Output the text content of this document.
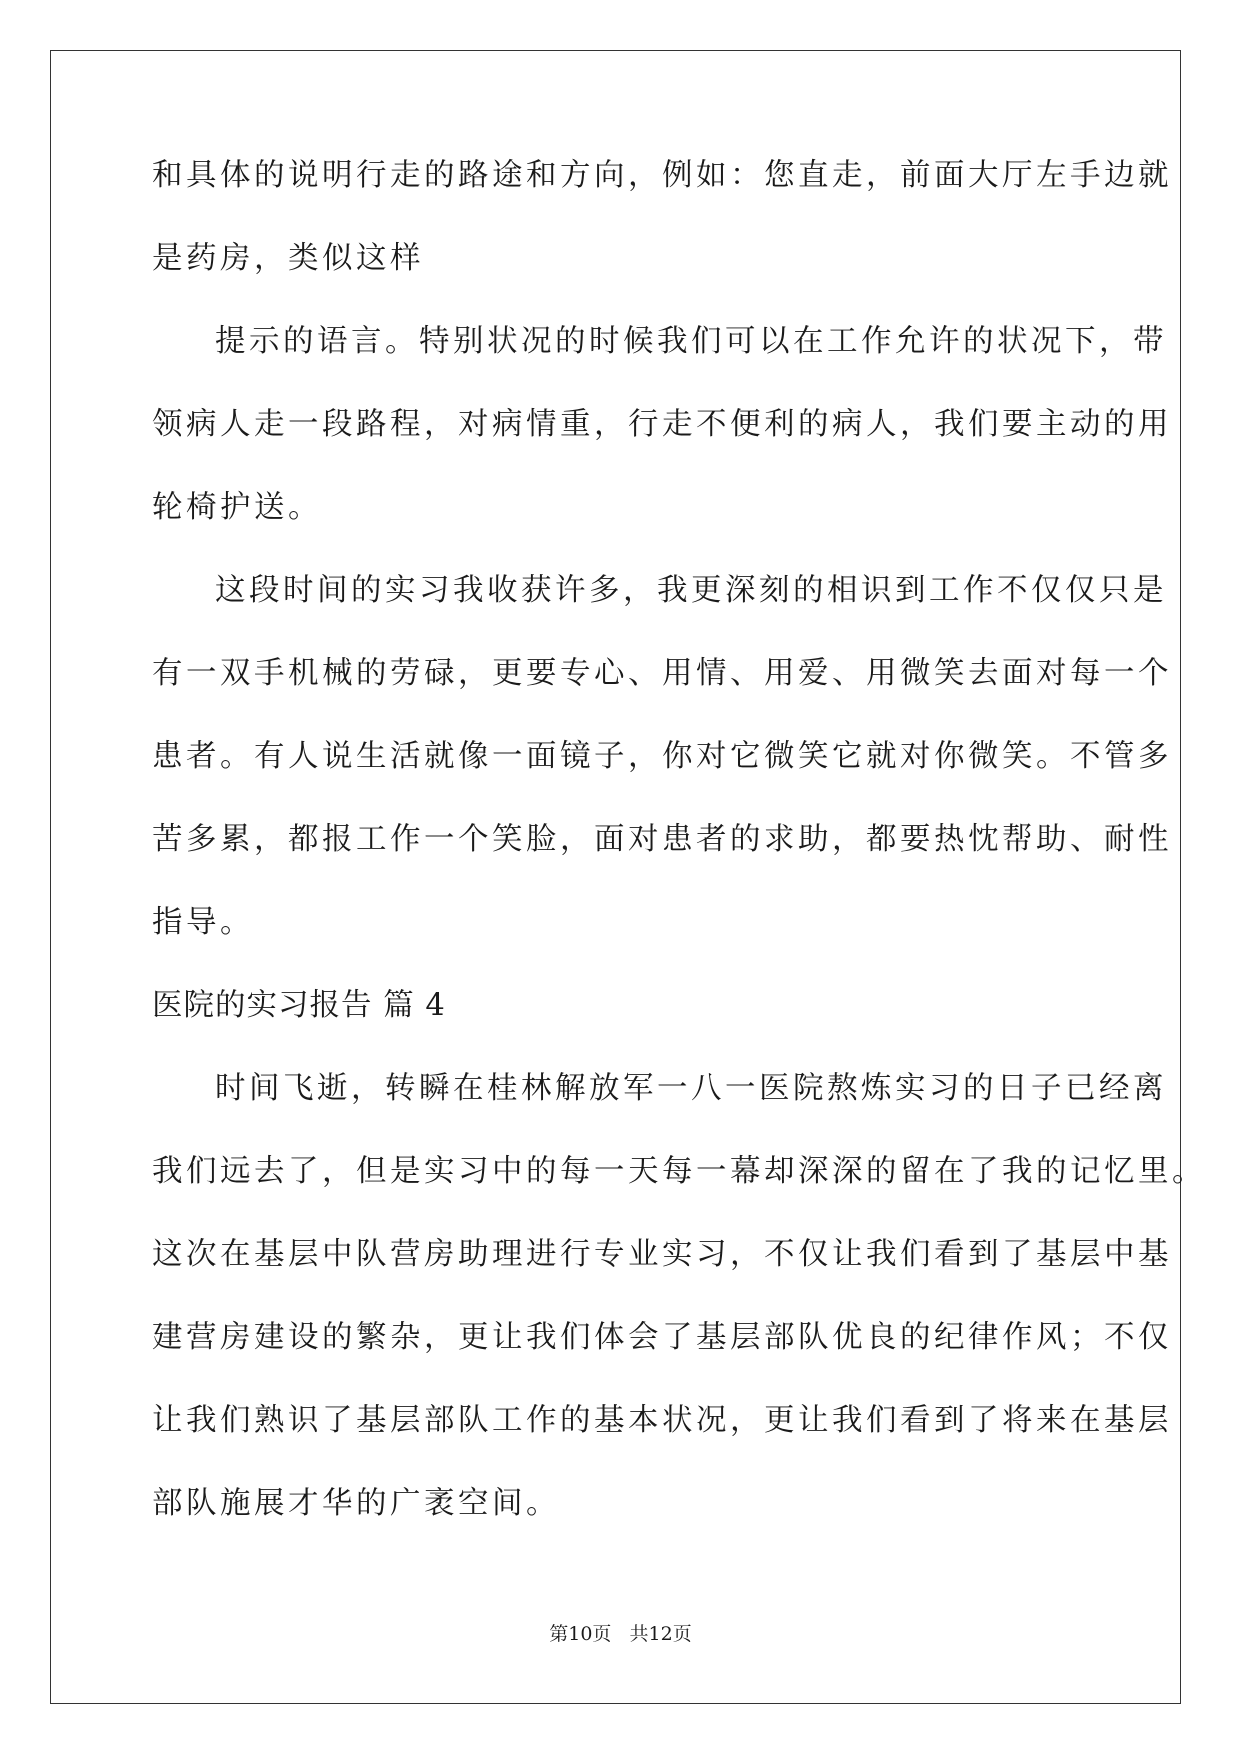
和具体的说明行走的路途和方向，例如：您直走，前面大厅左手边就
是药房，类似这样
提示的语言。特别状况的时候我们可以在工作允许的状况下，带
领病人走一段路程，对病情重，行走不便利的病人，我们要主动的用
轮椅护送。
这段时间的实习我收获许多，我更深刻的相识到工作不仅仅只是
有一双手机械的劳碌，更要专心、用情、用爱、用微笑去面对每一个
患者。有人说生活就像一面镜子，你对它微笑它就对你微笑。不管多
苦多累，都报工作一个笑脸，面对患者的求助，都要热忱帮助、耐性
指导。
医院的实习报告 篇 4
时间飞逝，转瞬在桂林解放军一八一医院熬炼实习的日子已经离
我们远去了，但是实习中的每一天每一幕却深深的留在了我的记忆里。
这次在基层中队营房助理进行专业实习，不仅让我们看到了基层中基
建营房建设的繁杂，更让我们体会了基层部队优良的纪律作风；不仅
让我们熟识了基层部队工作的基本状况，更让我们看到了将来在基层
部队施展才华的广袤空间。
第10页   共12页
